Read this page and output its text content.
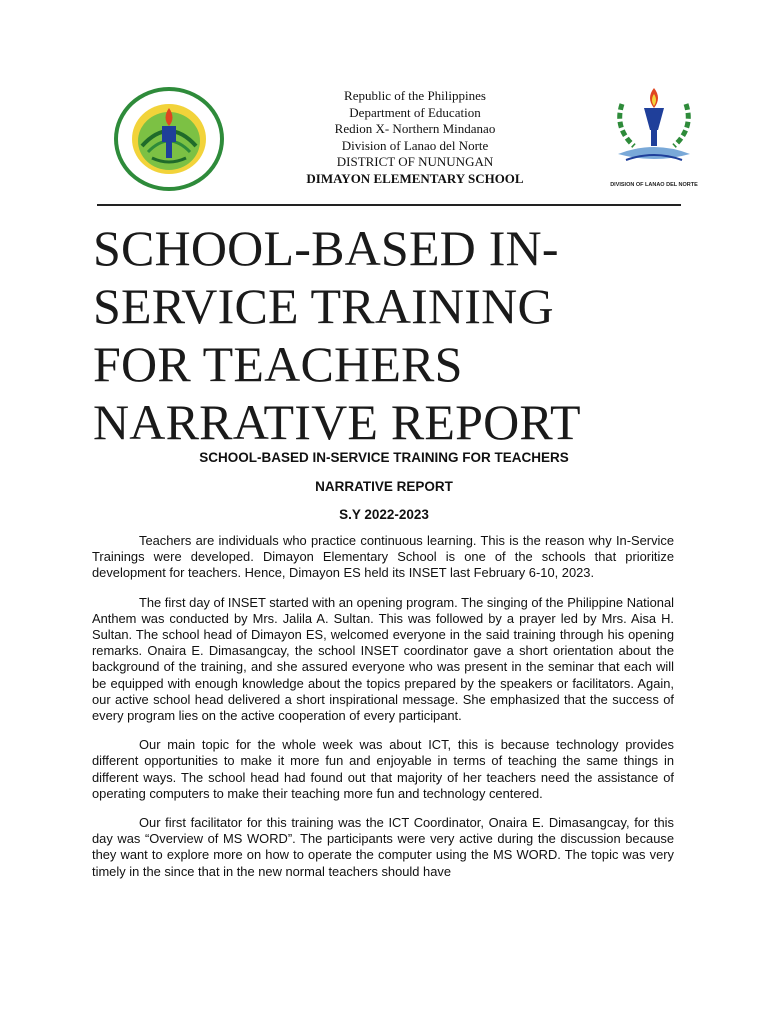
Republic of the Philippines
Department of Education
Redion X- Northern Mindanao
Division of Lanao del Norte
DISTRICT OF NUNUNGAN
DIMAYON ELEMENTARY SCHOOL	DIVISION OF LANAO DEL NORTE
SCHOOL-BASED IN-
SERVICE TRAINING
FOR TEACHERS
NARRATIVE REPORT
SCHOOL-BASED IN-SERVICE TRAINING FOR TEACHERS
NARRATIVE REPORT
S.Y 2022-2023

Teachers are individuals who practice continuous learning. This is the reason why In-Service Trainings were developed. Dimayon Elementary School is one of the schools that prioritize development for teachers. Hence, Dimayon ES held its INSET last February 6-10, 2023.

The first day of INSET started with an opening program. The singing of the Philippine National Anthem was conducted by Mrs. Jalila A. Sultan. This was followed by a prayer led by Mrs. Aisa H. Sultan. The school head of Dimayon ES, welcomed everyone in the said training through his opening remarks. Onaira E. Dimasangcay, the school INSET coordinator gave a short orientation about the background of the training, and she assured everyone who was present in the seminar that each will be equipped with enough knowledge about the topics prepared by the speakers or facilitators. Again, our active school head delivered a short inspirational message. She emphasized that the success of every program lies on the active cooperation of every participant.

Our main topic for the whole week was about ICT, this is because technology provides different opportunities to make it more fun and enjoyable in terms of teaching the same things in different ways. The school head had found out that majority of her teachers need the assistance of operating computers to make their teaching more fun and technology centered.

Our first facilitator for this training was the ICT Coordinator, Onaira E. Dimasangcay, for this day was “Overview of MS WORD”. The participants were very active during the discussion because they want to explore more on how to operate the computer using the MS WORD. The topic was very timely in the since that in the new normal teachers should have
